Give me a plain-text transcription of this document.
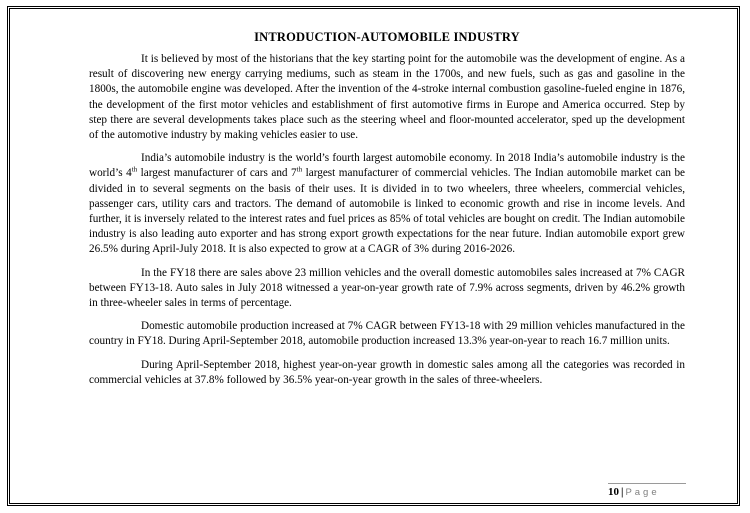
INTRODUCTION-AUTOMOBILE INDUSTRY

It is believed by most of the historians that the key starting point for the automobile was the development of engine. As a result of discovering new energy carrying mediums, such as steam in the 1700s, and new fuels, such as gas and gasoline in the 1800s, the automobile engine was developed. After the invention of the 4-stroke internal combustion gasoline-fueled engine in 1876, the development of the first motor vehicles and establishment of first automotive firms in Europe and America occurred. Step by step there are several developments takes place such as the steering wheel and floor-mounted accelerator, sped up the development of the automotive industry by making vehicles easier to use.

India’s automobile industry is the world’s fourth largest automobile economy. In 2018 India’s automobile industry is the world’s 4th largest manufacturer of cars and 7th largest manufacturer of commercial vehicles. The Indian automobile market can be divided in to several segments on the basis of their uses. It is divided in to two wheelers, three wheelers, commercial vehicles, passenger cars, utility cars and tractors. The demand of automobile is linked to economic growth and rise in income levels. And further, it is inversely related to the interest rates and fuel prices as 85% of total vehicles are bought on credit. The Indian automobile industry is also leading auto exporter and has strong export growth expectations for the near future. Indian automobile export grew 26.5% during April-July 2018. It is also expected to grow at a CAGR of 3% during 2016-2026.

In the FY18 there are sales above 23 million vehicles and the overall domestic automobiles sales increased at 7% CAGR between FY13-18. Auto sales in July 2018 witnessed a year-on-year growth rate of 7.9% across segments, driven by 46.2% growth in three-wheeler sales in terms of percentage.

Domestic automobile production increased at 7% CAGR between FY13-18 with 29 million vehicles manufactured in the country in FY18. During April-September 2018, automobile production increased 13.3% year-on-year to reach 16.7 million units.

During April-September 2018, highest year-on-year growth in domestic sales among all the categories was recorded in commercial vehicles at 37.8% followed by 36.5% year-on-year growth in the sales of three-wheelers.

10 | Page
